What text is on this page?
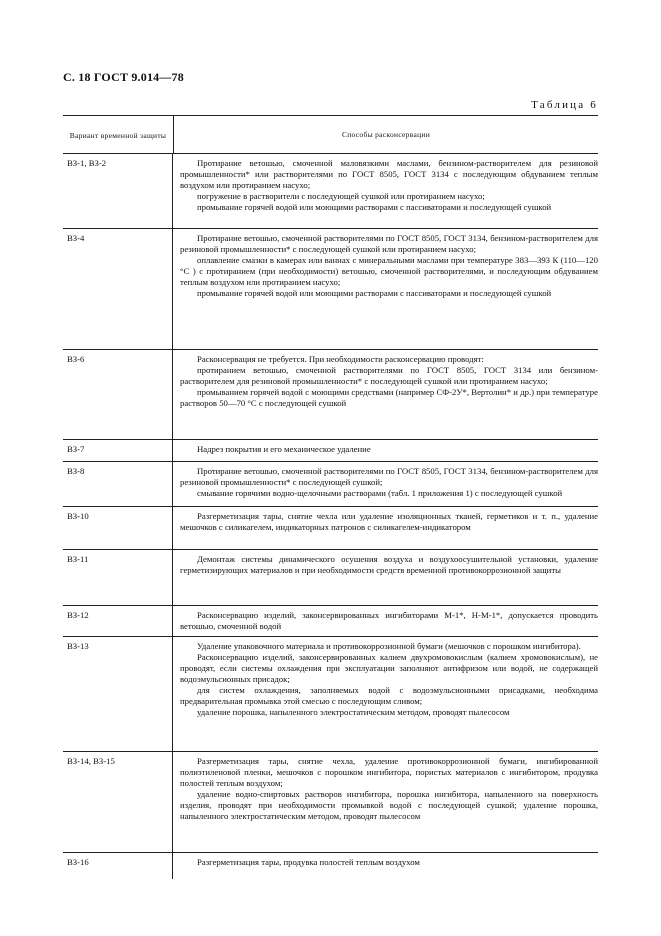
С. 18 ГОСТ 9.014—78
Таблица 6
Вариант временной защиты	Способы расконсервации
ВЗ-1, ВЗ-2	Протирание ветошью, смоченной маловязкими маслами, бензином-растворителем для резиновой промышленности* или растворителями по ГОСТ 8505, ГОСТ 3134 с последующим обдуванием теплым воздухом или протиранием насухо;

погружение в растворители с последующей сушкой или протиранием насухо;

промывание горячей водой или моющими растворами с пассиваторами и последующей сушкой

ВЗ-4	Протирание ветошью, смоченной растворителями по ГОСТ 8505, ГОСТ 3134, бензином-растворителем для резиновой промышленности* с последующей сушкой или протиранием насухо;

оплавление смазки в камерах или ваннах с минеральными маслами при температуре 383—393 К (110—120 °С ) с протиранием (при необходимости) ветошью, смоченной растворителями, и последующим обдуванием теплым воздухом или протиранием насухо;

промывание горячей водой или моющими растворами с пассиваторами и последующей сушкой

ВЗ-6	Расконсервация не требуется. При необходимости расконсервацию проводят:

протиранием ветошью, смоченной растворителями по ГОСТ 8505, ГОСТ 3134 или бензином-растворителем для резиновой промышленности* с последующей сушкой или протиранием насухо;

промыванием горячей водой с моющими средствами (например СФ-2У*, Вертолин* и др.) при температуре растворов 50—70 °С с последующей сушкой

ВЗ-7	Надрез покрытия и его механическое удаление

ВЗ-8	Протирание ветошью, смоченной растворителями по ГОСТ 8505, ГОСТ 3134, бензином-растворителем для резиновой промышленности* с последующей сушкой;

смывание горячими водно-щелочными растворами (табл. 1 приложения 1) с последующей сушкой

ВЗ-10	Разгерметизация тары, снятие чехла или удаление изоляционных тканей, герметиков и т. п., удаление мешочков с силикагелем, индикаторных патронов с силикагелем-индикатором

ВЗ-11	Демонтаж системы динамического осушения воздуха и воздухоосушительной установки, удаление герметизирующих материалов и при необходимости средств временной противокоррозионной защиты

ВЗ-12	Расконсервацию изделий, законсервированных ингибиторами М-1*, Н-М-1*, допускается проводить ветошью, смоченной водой

ВЗ-13	Удаление упаковочного материала и противокоррозионной бумаги (мешочков с порошком ингибитора).

Расконсервацию изделий, законсервированных калием двухромовокислым (калием хромовокислым), не проводят, если системы охлаждения при эксплуатации заполняют антифризом или водой, не содержащей водоэмульсионных присадок;

для систем охлаждения, заполняемых водой с водоэмульсионными присадками, необходима предварительная промывка этой смесью с последующим сливом;

удаление порошка, напыленного электростатическим методом, проводят пылесосом

ВЗ-14, ВЗ-15	Разгерметизация тары, снятие чехла, удаление противокоррозионной бумаги, ингибированной полиэтиленовой пленки, мешочков с порошком ингибитора, пористых материалов с ингибитором, продувка полостей теплым воздухом;

удаление водно-спиртовых растворов ингибитора, порошка ингибитора, напыленного на поверхность изделия, проводят при необходимости промывкой водой с последующей сушкой; удаление порошка, напыленного электростатическим методом, проводят пылесосом

ВЗ-16	Разгерметизация тары, продувка полостей теплым воздухом
